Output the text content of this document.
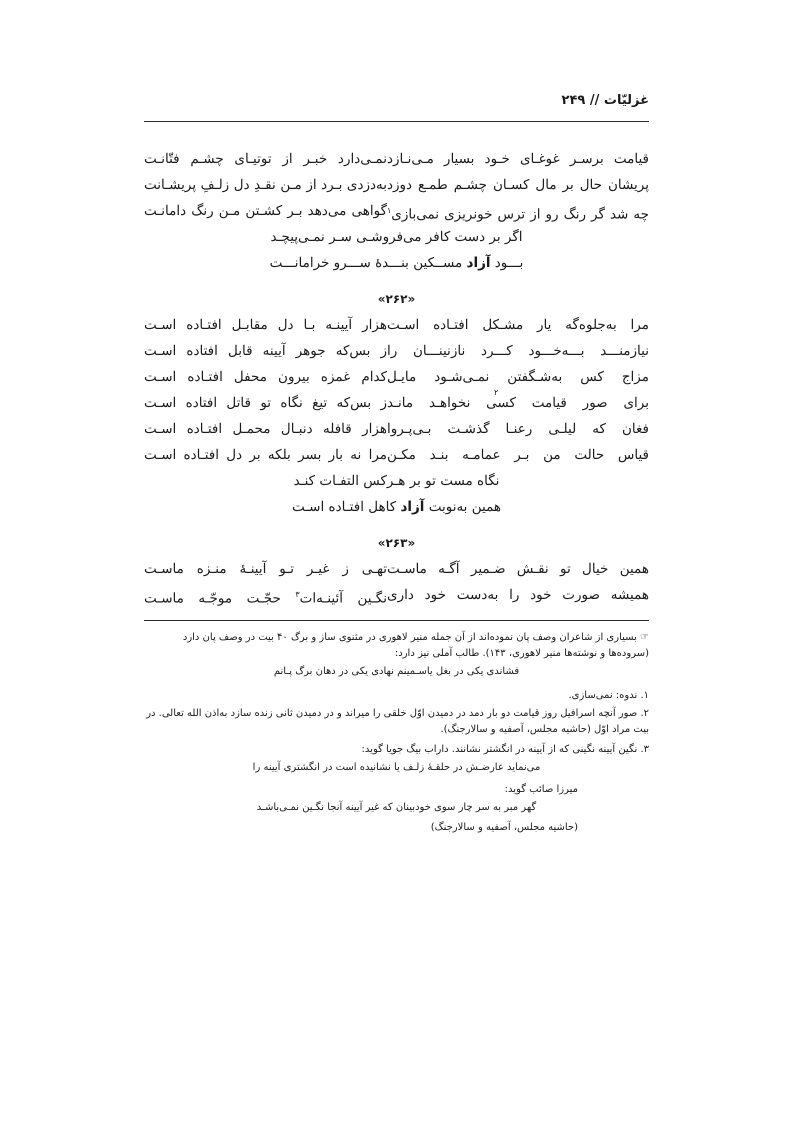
غزلیّات // ۲۴۹
قیامت برسـر غوغـای خـود بسیار مـی‌نـازد
نمـی‌دارد خبـر از توتیـای چشـم فتّانـت
پریشان حال بر مال کسـان چشـم طمـع دوزد
به‌دزدی بـرد از مـن نقـدِ دل زلـفِ پریشـانت
چه شد گر رنگ رو از ترس خونریزی نمی‌بازی$^۱$
گواهی می‌دهد بـر کشـتن مـن رنگ دامانـت
اگر بر دست کافر می‌فروشـی سـر نمـی‌پیچـد
بـــود آزاد مســکین بنـــدهٔ ســـرو خرامانـــت
«۲۶۲»
مرا به‌جلوه‌گه یار مشـکل افتـاده اسـت
هزار آیینـه بـا دل مقابـل افتـاده اسـت
نیازمنـــد بـــه‌خـــود کـــرد نازنینـــان را
ز بس‌که جوهر آیینه قابل افتاده اسـت
مزاج کس به‌شـگفتن نمـی‌شـود مایـل
کدام غمزه بیرون محفل افتـاده اسـت
برای صور قیامت کسی نخواهـد مانـد
ز بس‌که تیغ نگاه تو قاتل افتاده اسـت
فغان که لیلـی رعنـا گذشـت بـی‌پـروا
هزار قافله دنبـال محمـل افتـاده اسـت
قیاس حالت من بـر عمامـه بنـد مکـن
مرا نه بار بسر بلکه بر دل افتـاده اسـت
نگاه مست تو بر هـرکس التفـات کنـد
همین به‌نوبت آزاد کاهل افتـاده اسـت
۲
«۲۶۳»
همین خیال تو نقـش ضـمیر آگـه ماسـت
تهـی ز غیـر تـو آیینـهٔ منـزه ماسـت
همیشه صورت خود را به‌دست خود داری
نگـین آئینـه‌ات$^۳$ حجّـت موجّـه ماسـت
☞ بسیاری از شاعران وصف پان نموده‌اند از آن جمله منیر لاهوری در مثنوی ساز و برگ ۴۰ بیت در وصف پان دارد (سروده‌ها و نوشته‌ها منیر لاهوری، ۱۴۳). طالب آملی نیز دارد:
فشاندی یکی در بغل یاسـمینم نهادی یکی در دهان برگ پـانم
۱. ندوه: نمی‌سازی.
۲. صور آنچه اسرافیل روز قیامت دو بار دمد در دمیدن اوّل خلقی را میراند و در دمیدن ثانی زنده سازد به‌اذن الله تعالی. در بیت مراد اوّل (حاشیه مجلس، آصفیه و سالارجنگ).
۳. نگین آیینه نگینی که از آیینه در انگشتر نشانند. داراب بیگ جویا گوید:
می‌نماید عارضـش در حلقـهٔ زلـف یا نشانیده است در انگشتری آیینه را
میرزا صائب گوید:
گهر مبر به سر چار سوی خودبینان که غیر آیینه آنجا نگـین نمـی‌باشـد
(حاشیه مجلس، آصفیه و سالارجنگ)
